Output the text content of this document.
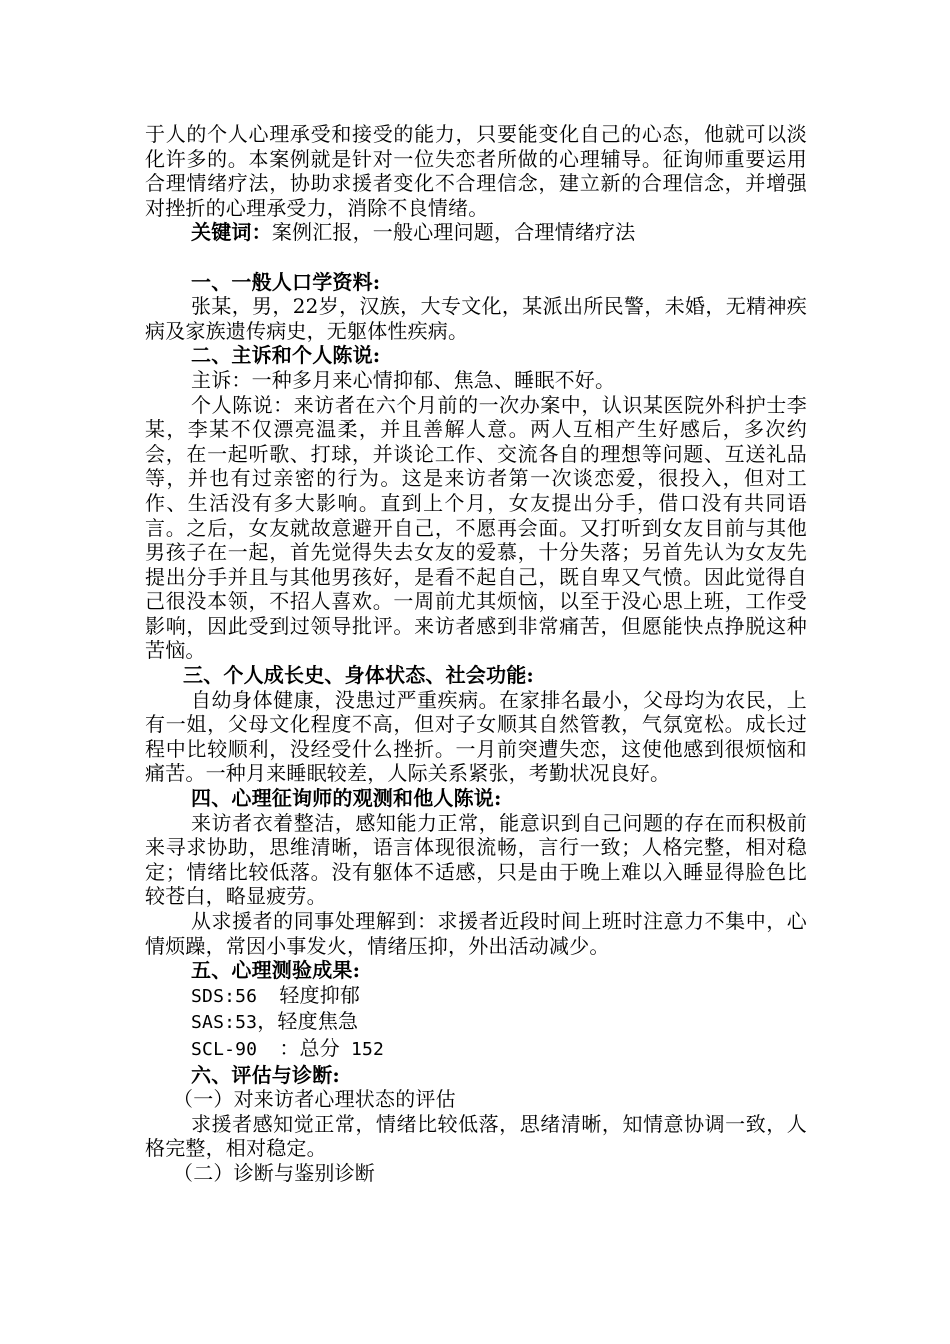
于人的个人心理承受和接受的能力，只要能变化自己的心态，他就可以淡化许多的。本案例就是针对一位失恋者所做的心理辅导。征询师重要运用合理情绪疗法，协助求援者变化不合理信念，建立新的合理信念，并增强对挫折的心理承受力，消除不良情绪。

关键词：案例汇报，一般心理问题，合理情绪疗法

一、一般人口学资料:

张某，男，22岁，汉族，大专文化，某派出所民警，未婚，无精神疾病及家族遗传病史，无躯体性疾病。

二、主诉和个人陈说:

主诉：一种多月来心情抑郁、焦急、睡眠不好。

个人陈说：来访者在六个月前的一次办案中，认识某医院外科护士李某，李某不仅漂亮温柔，并且善解人意。两人互相产生好感后，多次约会，在一起听歌、打球，并谈论工作、交流各自的理想等问题、互送礼品等，并也有过亲密的行为。这是来访者第一次谈恋爱，很投入，但对工作、生活没有多大影响。直到上个月，女友提出分手，借口没有共同语言。之后，女友就故意避开自己，不愿再会面。又打听到女友目前与其他男孩子在一起，首先觉得失去女友的爱慕，十分失落；另首先认为女友先提出分手并且与其他男孩好，是看不起自己，既自卑又气愤。因此觉得自己很没本领，不招人喜欢。一周前尤其烦恼，以至于没心思上班，工作受影响，因此受到过领导批评。来访者感到非常痛苦，但愿能快点挣脱这种苦恼。

三、个人成长史、身体状态、社会功能:

自幼身体健康，没患过严重疾病。在家排名最小，父母均为农民，上有一姐，父母文化程度不高，但对子女顺其自然管教，气氛宽松。成长过程中比较顺利，没经受什么挫折。一月前突遭失恋，这使他感到很烦恼和痛苦。一种月来睡眠较差，人际关系紧张，考勤状况良好。

四、心理征询师的观测和他人陈说:

来访者衣着整洁，感知能力正常，能意识到自己问题的存在而积极前来寻求协助，思维清晰，语言体现很流畅，言行一致；人格完整，相对稳定；情绪比较低落。没有躯体不适感，只是由于晚上难以入睡显得脸色比较苍白，略显疲劳。

从求援者的同事处理解到：求援者近段时间上班时注意力不集中，心情烦躁，常因小事发火，情绪压抑，外出活动减少。

五、心理测验成果:

SDS:56 轻度抑郁

SAS:53，轻度焦急

SCL-90 ：总分 152

六、评估与诊断:

（一）对来访者心理状态的评估

求援者感知觉正常，情绪比较低落，思绪清晰，知情意协调一致，人格完整，相对稳定。

（二）诊断与鉴别诊断
